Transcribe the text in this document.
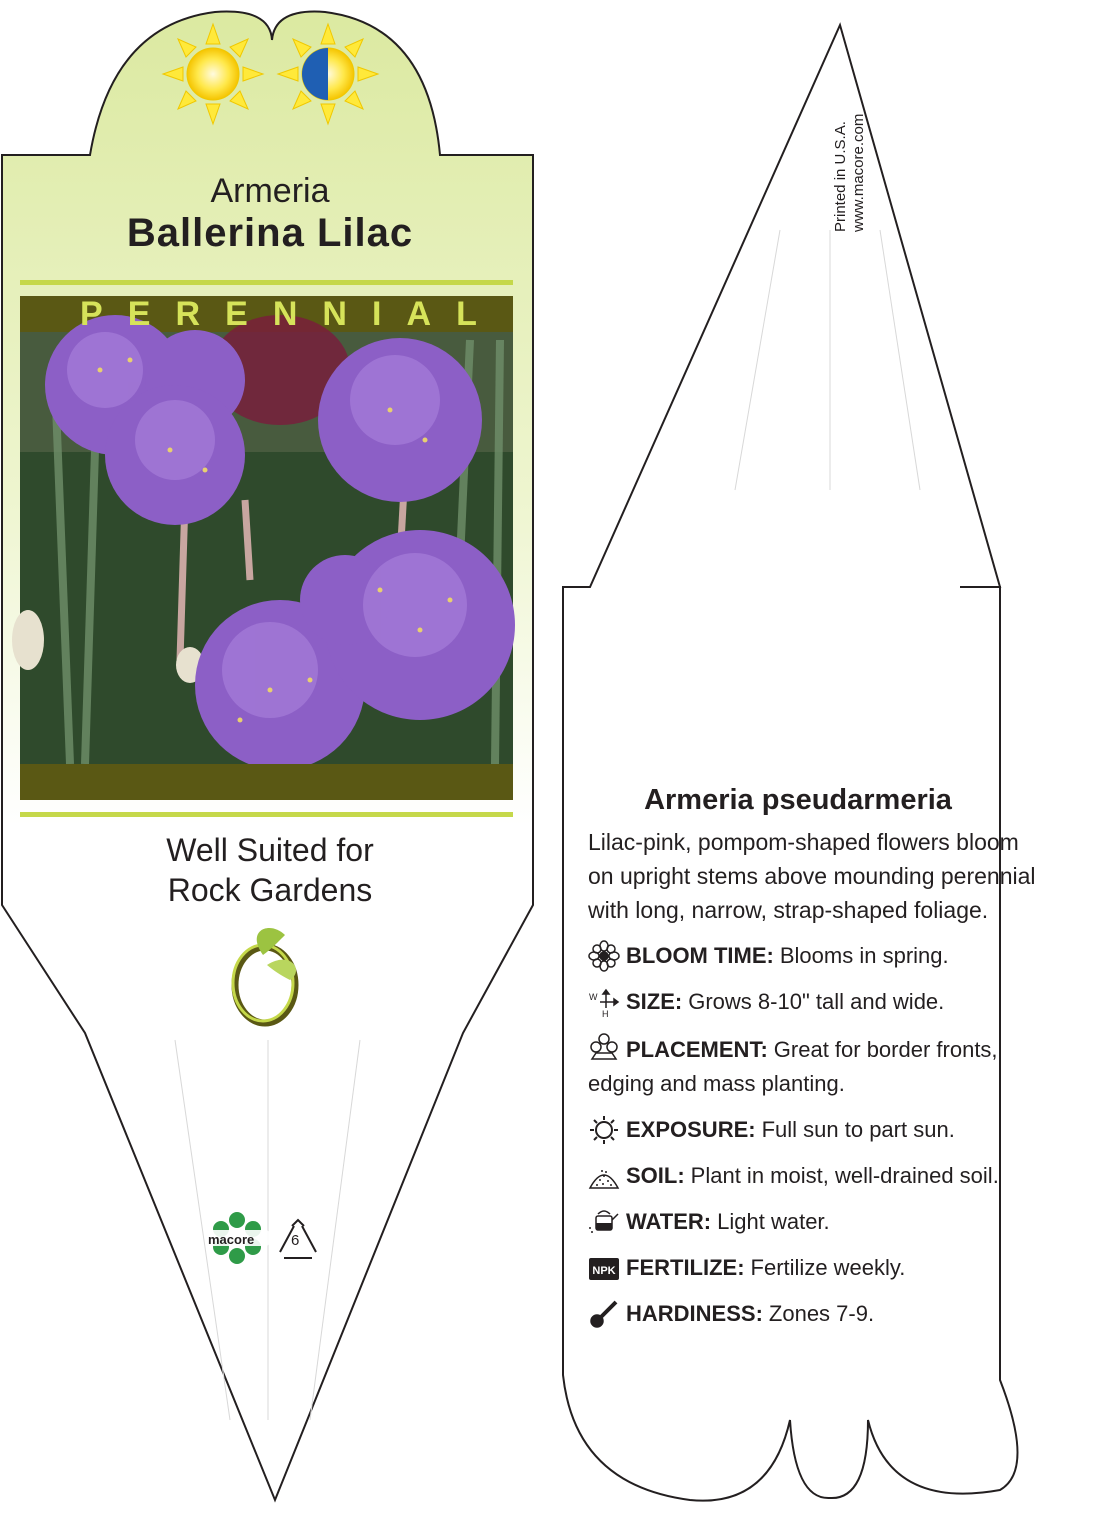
Armeria
Ballerina Lilac
P E R E N N I A L
Well Suited for
Rock Gardens
macore 6
Printed in U.S.A. www.macore.com
Armeria pseudarmeria
Lilac-pink, pompom-shaped flowers bloom on upright stems above mounding perennial with long, narrow, strap-shaped foliage.
BLOOM TIME: Blooms in spring.
W
H SIZE: Grows 8-10" tall and wide.
PLACEMENT: Great for border fronts, edging and mass planting.
EXPOSURE: Full sun to part sun.
SOIL: Plant in moist, well-drained soil.
WATER: Light water.
NPK FERTILIZE: Fertilize weekly.
HARDINESS: Zones 7-9.
